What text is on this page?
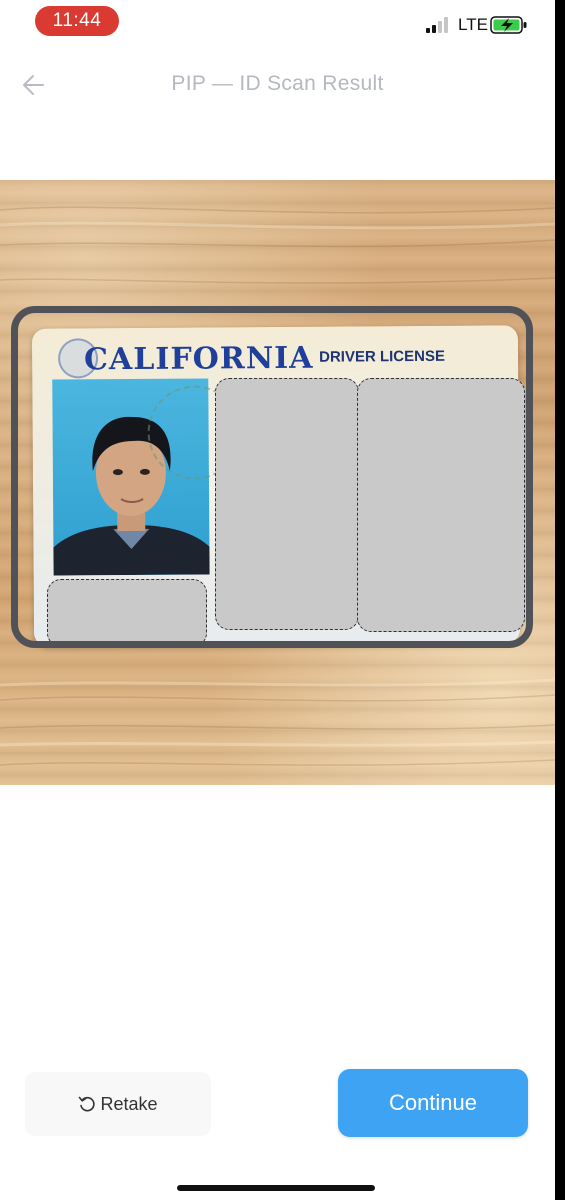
11:44	LTE
PIP — ID Scan Result
CALIFORNIA DRIVER LICENSE
Retake	Continue
